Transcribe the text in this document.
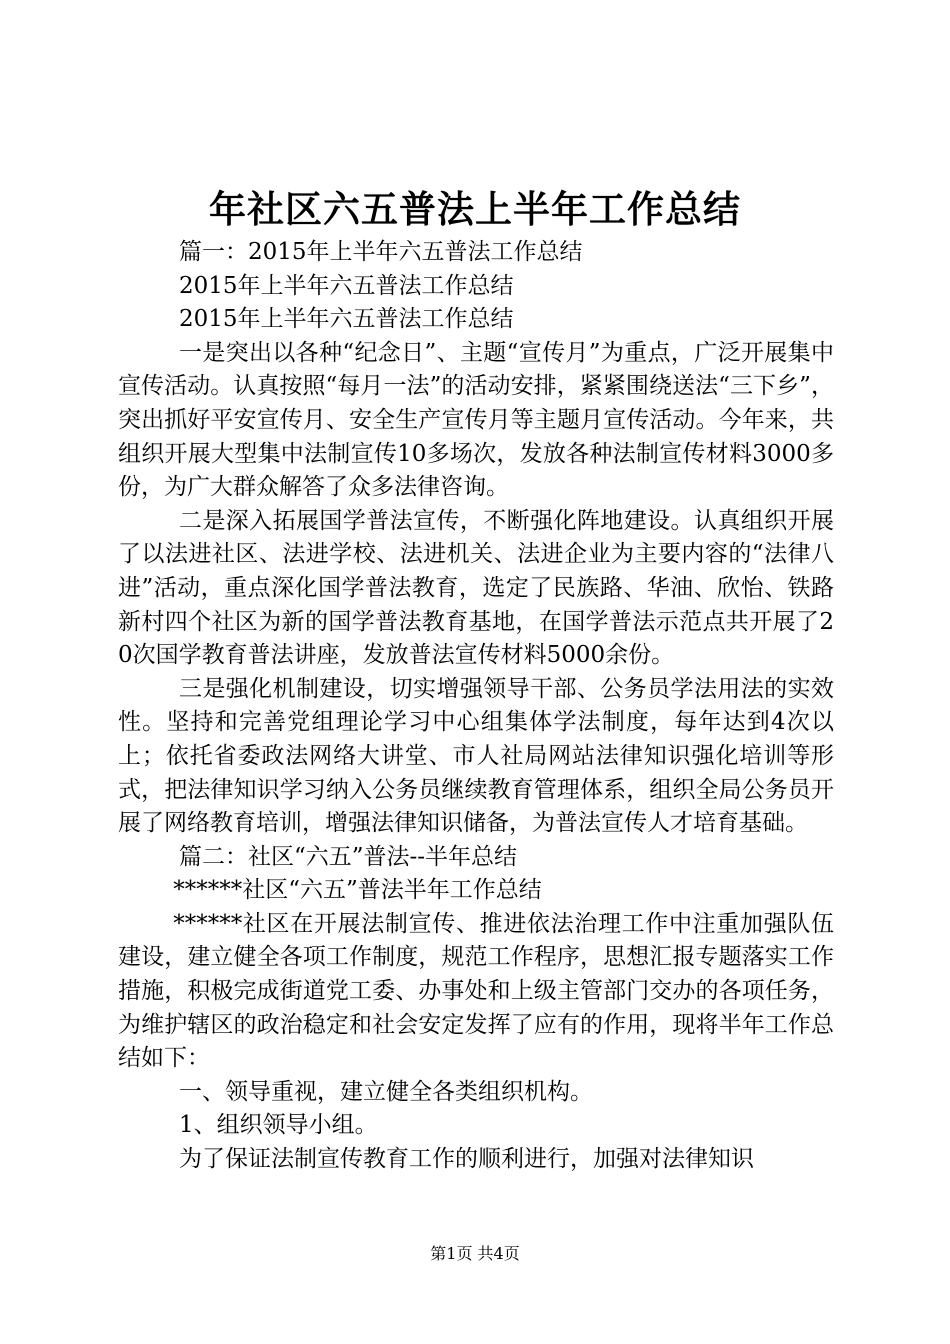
年社区六五普法上半年工作总结

篇一：2015年上半年六五普法工作总结

2015年上半年六五普法工作总结

2015年上半年六五普法工作总结

一是突出以各种“纪念日”、主题“宣传月”为重点，广泛开展集中宣传活动。认真按照“每月一法”的活动安排，紧紧围绕送法“三下乡”，突出抓好平安宣传月、安全生产宣传月等主题月宣传活动。今年来，共组织开展大型集中法制宣传10多场次，发放各种法制宣传材料3000多份，为广大群众解答了众多法律咨询。

二是深入拓展国学普法宣传，不断强化阵地建设。认真组织开展了以法进社区、法进学校、法进机关、法进企业为主要内容的“法律八进”活动，重点深化国学普法教育，选定了民族路、华油、欣怡、铁路新村四个社区为新的国学普法教育基地，在国学普法示范点共开展了20次国学教育普法讲座，发放普法宣传材料5000余份。

三是强化机制建设，切实增强领导干部、公务员学法用法的实效性。坚持和完善党组理论学习中心组集体学法制度，每年达到4次以上；依托省委政法网络大讲堂、市人社局网站法律知识强化培训等形式，把法律知识学习纳入公务员继续教育管理体系，组织全局公务员开展了网络教育培训，增强法律知识储备，为普法宣传人才培育基础。

篇二：社区“六五”普法--半年总结

******社区“六五”普法半年工作总结

******社区在开展法制宣传、推进依法治理工作中注重加强队伍建设，建立健全各项工作制度，规范工作程序，思想汇报专题落实工作措施，积极完成街道党工委、办事处和上级主管部门交办的各项任务，为维护辖区的政治稳定和社会安定发挥了应有的作用，现将半年工作总结如下：

一、领导重视，建立健全各类组织机构。

1、组织领导小组。

为了保证法制宣传教育工作的顺利进行，加强对法律知识

第1页 共4页
